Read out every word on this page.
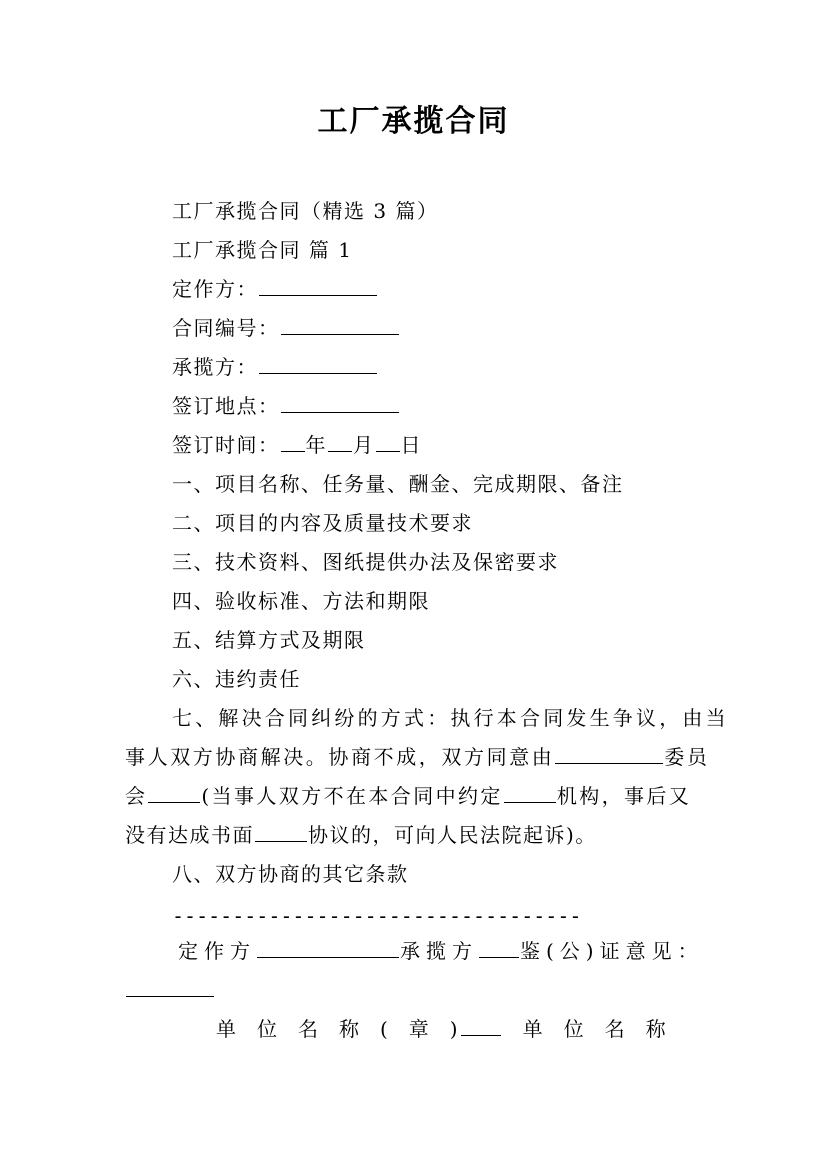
工厂承揽合同
工厂承揽合同（精选 3 篇）
工厂承揽合同 篇 1
定作方：
合同编号：
承揽方：
签订地点：
签订时间： 年 月 日
一、项目名称、任务量、酬金、完成期限、备注
二、项目的内容及质量技术要求
三、技术资料、图纸提供办法及保密要求
四、验收标准、方法和期限
五、结算方式及期限
六、违约责任
七、解决合同纠纷的方式：执行本合同发生争议，由当
事人双方协商解决。协商不成，双方同意由	委员
会	(当事人双方不在本合同中约定	机构，事后又
没有达成书面	协议的，可向人民法院起诉)。
八、双方协商的其它条款
----------------------------------
定作方	承揽方 鉴(公)证意见：
单位名称(章) 单位名称
